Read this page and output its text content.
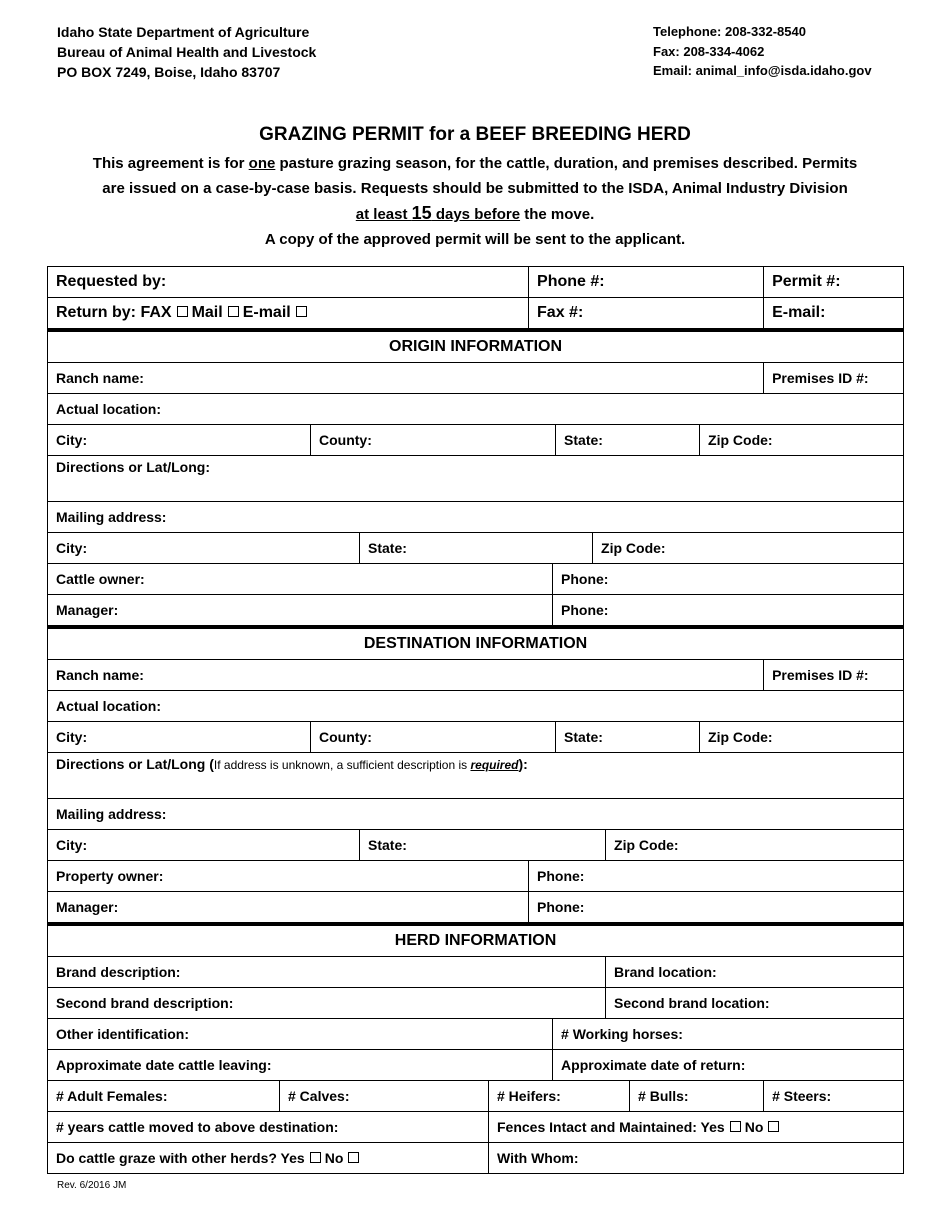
Idaho State Department of Agriculture
Bureau of Animal Health and Livestock
PO BOX 7249, Boise, Idaho 83707
Telephone: 208-332-8540
Fax: 208-334-4062
Email: animal_info@isda.idaho.gov
GRAZING PERMIT for a BEEF BREEDING HERD
This agreement is for one pasture grazing season, for the cattle, duration, and premises described. Permits
are issued on a case-by-case basis. Requests should be submitted to the ISDA, Animal Industry Division
at least 15 days before the move.
A copy of the approved permit will be sent to the applicant.
Requested by:					Phone #:							Permit #:
Return by: FAX Mail E-mail					Fax #:							E-mail:
ORIGIN INFORMATION												
Ranch name:												Premises ID #:
Actual location:												
City:		County:					State:				Zip Code:	
Directions or Lat/Long:												
Mailing address:												
City:			State:					Zip Code:				
Cattle owner:						Phone:						
Manager:						Phone:						
DESTINATION INFORMATION												
Ranch name:												Premises ID #:
Actual location:												
City:		County:					State:				Zip Code:	
Directions or Lat/Long (If address is unknown, a sufficient description is required):												
Mailing address:												
City:			State:						Zip Code:			
Property owner:					Phone:							
Manager:					Phone:							
HERD INFORMATION												
Brand description:									Brand location:			
Second brand description:									Second brand location:			
Other identification:						# Working horses:						
Approximate date cattle leaving:						Approximate date of return:						
# Adult Females:	# Calves:			# Heifers:						# Bulls:		# Steers:
# years cattle moved to above destination:				Fences Intact and Maintained: Yes No								
Do cattle graze with other herds? Yes No				With Whom:								
Rev. 6/2016 JM
